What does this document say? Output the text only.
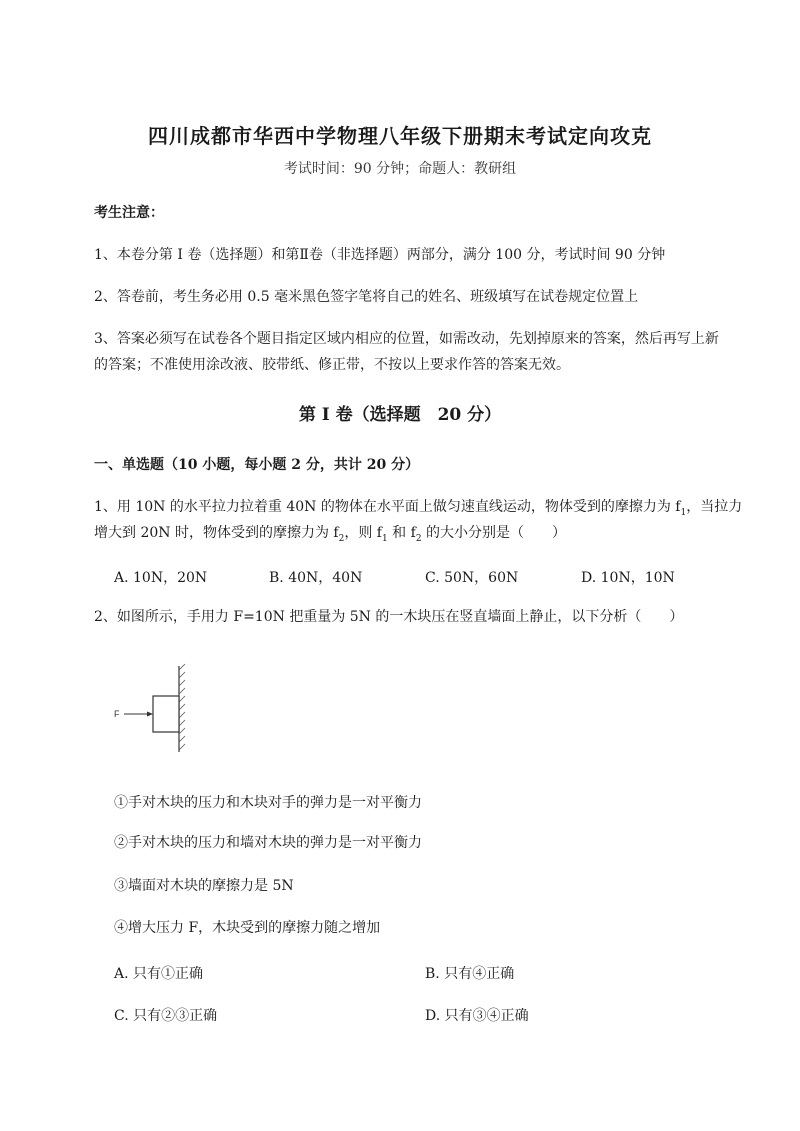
四川成都市华西中学物理八年级下册期末考试定向攻克
考试时间：90 分钟；命题人：教研组
考生注意：
1、本卷分第 I 卷（选择题）和第Ⅱ卷（非选择题）两部分，满分 100 分，考试时间 90 分钟
2、答卷前，考生务必用 0.5 毫米黑色签字笔将自己的姓名、班级填写在试卷规定位置上
3、答案必须写在试卷各个题目指定区域内相应的位置，如需改动，先划掉原来的答案，然后再写上新
的答案；不准使用涂改液、胶带纸、修正带，不按以上要求作答的答案无效。
第 I 卷（选择题　20 分）
一、单选题（10 小题，每小题 2 分，共计 20 分）
1、用 10N 的水平拉力拉着重 40N 的物体在水平面上做匀速直线运动，物体受到的摩擦力为 $f_1$，当拉力
增大到 20N 时，物体受到的摩擦力为 $f_2$，则 $f_1$ 和 $f_2$ 的大小分别是（　　）
A. 10N，20N	B. 40N，40N	C. 50N，60N	D. 10N，10N
2、如图所示，手用力 F=10N 把重量为 5N 的一木块压在竖直墙面上静止，以下分析（　　）
F
①手对木块的压力和木块对手的弹力是一对平衡力
②手对木块的压力和墙对木块的弹力是一对平衡力
③墙面对木块的摩擦力是 5N
④增大压力 F，木块受到的摩擦力随之增加
A. 只有①正确	B. 只有④正确
C. 只有②③正确	D. 只有③④正确
